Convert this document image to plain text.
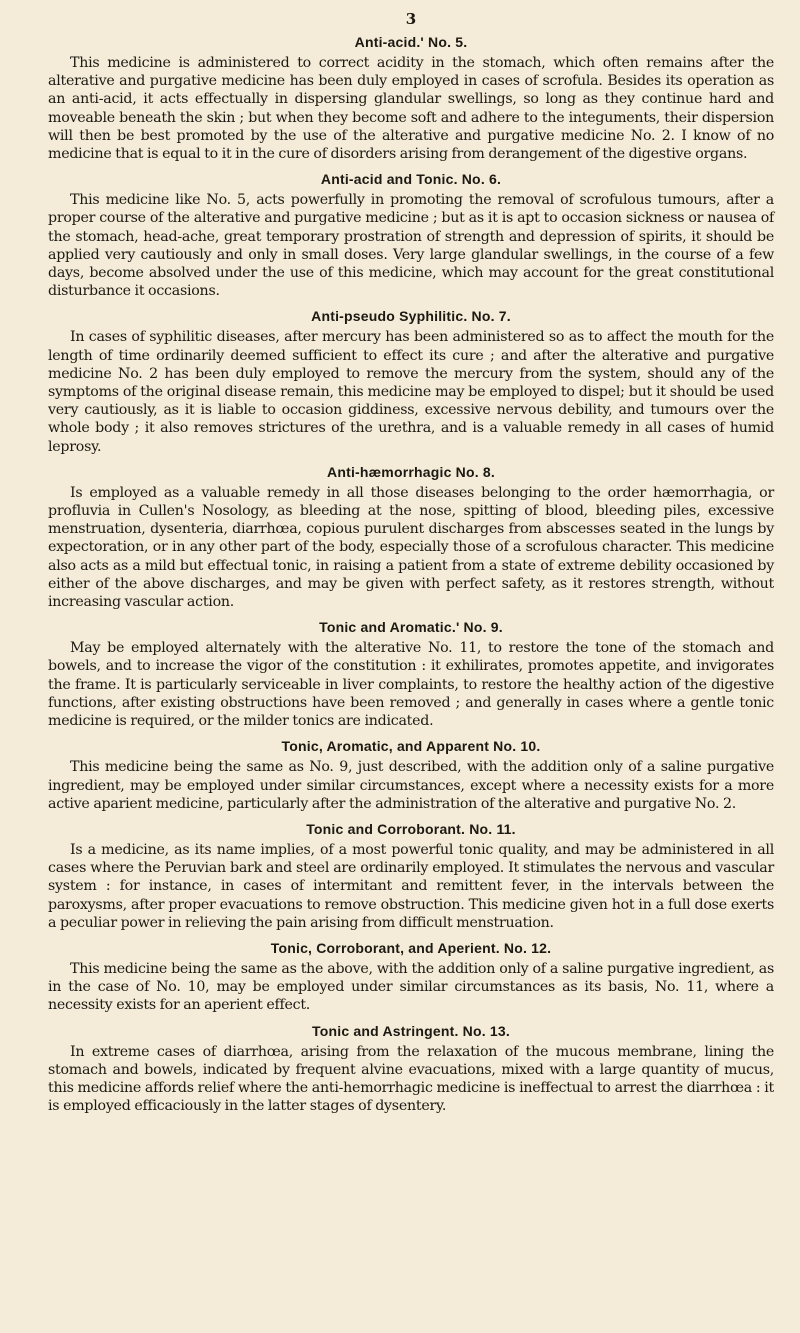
3
Anti-acid.' No. 5.

This medicine is administered to correct acidity in the stomach, which often remains after the alterative and purgative medicine has been duly employed in cases of scrofula. Besides its operation as an anti-acid, it acts effectually in dispersing glandular swellings, so long as they continue hard and moveable beneath the skin ; but when they become soft and adhere to the integuments, their dispersion will then be best promoted by the use of the alterative and purgative medicine No. 2. I know of no medicine that is equal to it in the cure of disorders arising from derangement of the digestive organs.

Anti-acid and Tonic. No. 6.

This medicine like No. 5, acts powerfully in promoting the removal of scrofulous tumours, after a proper course of the alterative and purgative medicine ; but as it is apt to occasion sickness or nausea of the stomach, head-ache, great temporary prostration of strength and depression of spirits, it should be applied very cautiously and only in small doses. Very large glandular swellings, in the course of a few days, become absolved under the use of this medicine, which may account for the great constitutional disturbance it occasions.

Anti-pseudo Syphilitic. No. 7.

In cases of syphilitic diseases, after mercury has been administered so as to affect the mouth for the length of time ordinarily deemed sufficient to effect its cure ; and after the alterative and purgative medicine No. 2 has been duly employed to remove the mercury from the system, should any of the symptoms of the original disease remain, this medicine may be employed to dispel; but it should be used very cautiously, as it is liable to occasion giddiness, excessive nervous debility, and tumours over the whole body ; it also removes strictures of the urethra, and is a valuable remedy in all cases of humid leprosy.

Anti-hæmorrhagic No. 8.

Is employed as a valuable remedy in all those diseases belonging to the order hæmorrhagia, or profluvia in Cullen's Nosology, as bleeding at the nose, spitting of blood, bleeding piles, excessive menstruation, dysenteria, diarrhœa, copious purulent discharges from abscesses seated in the lungs by expectoration, or in any other part of the body, especially those of a scrofulous character. This medicine also acts as a mild but effectual tonic, in raising a patient from a state of extreme debility occasioned by either of the above discharges, and may be given with perfect safety, as it restores strength, without increasing vascular action.

Tonic and Aromatic.' No. 9.

May be employed alternately with the alterative No. 11, to restore the tone of the stomach and bowels, and to increase the vigor of the constitution : it exhilirates, promotes appetite, and invigorates the frame. It is particularly serviceable in liver complaints, to restore the healthy action of the digestive functions, after existing obstructions have been removed ; and generally in cases where a gentle tonic medicine is required, or the milder tonics are indicated.

Tonic, Aromatic, and Apparent No. 10.

This medicine being the same as No. 9, just described, with the addition only of a saline purgative ingredient, may be employed under similar circumstances, except where a necessity exists for a more active aparient medicine, particularly after the administration of the alterative and purgative No. 2.

Tonic and Corroborant. No. 11.

Is a medicine, as its name implies, of a most powerful tonic quality, and may be administered in all cases where the Peruvian bark and steel are ordinarily employed. It stimulates the nervous and vascular system : for instance, in cases of intermitant and remittent fever, in the intervals between the paroxysms, after proper evacuations to remove obstruction. This medicine given hot in a full dose exerts a peculiar power in relieving the pain arising from difficult menstruation.

Tonic, Corroborant, and Aperient. No. 12.

This medicine being the same as the above, with the addition only of a saline purgative ingredient, as in the case of No. 10, may be employed under similar circumstances as its basis, No. 11, where a necessity exists for an aperient effect.

Tonic and Astringent. No. 13.

In extreme cases of diarrhœa, arising from the relaxation of the mucous membrane, lining the stomach and bowels, indicated by frequent alvine evacuations, mixed with a large quantity of mucus, this medicine affords relief where the anti-hemorrhagic medicine is ineffectual to arrest the diarrhœa : it is employed efficaciously in the latter stages of dysentery.
